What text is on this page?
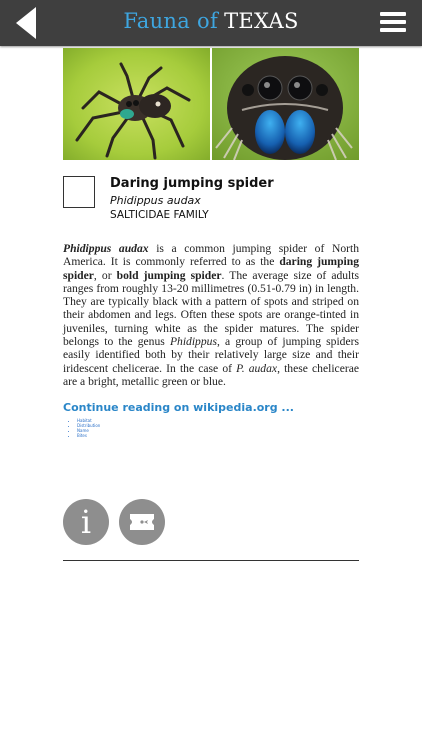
Fauna of TEXAS
Daring jumping spider
Phidippus audax
SALTICIDAE FAMILY

Phidippus audax is a common jumping spider of North America. It is commonly referred to as the daring jumping spider, or bold jumping spider. The average size of adults ranges from roughly 13-20 millimetres (0.51-0.79 in) in length. They are typically black with a pattern of spots and striped on their abdomen and legs. Often these spots are orange-tinted in juveniles, turning white as the spider matures. The spider belongs to the genus Phidippus, a group of jumping spiders easily identified both by their relatively large size and their iridescent chelicerae. In the case of P. audax, these chelicerae are a bright, metallic green or blue.

Continue reading on wikipedia.org ...
• Habitat
• Distribution
• Name
• Bites
i
